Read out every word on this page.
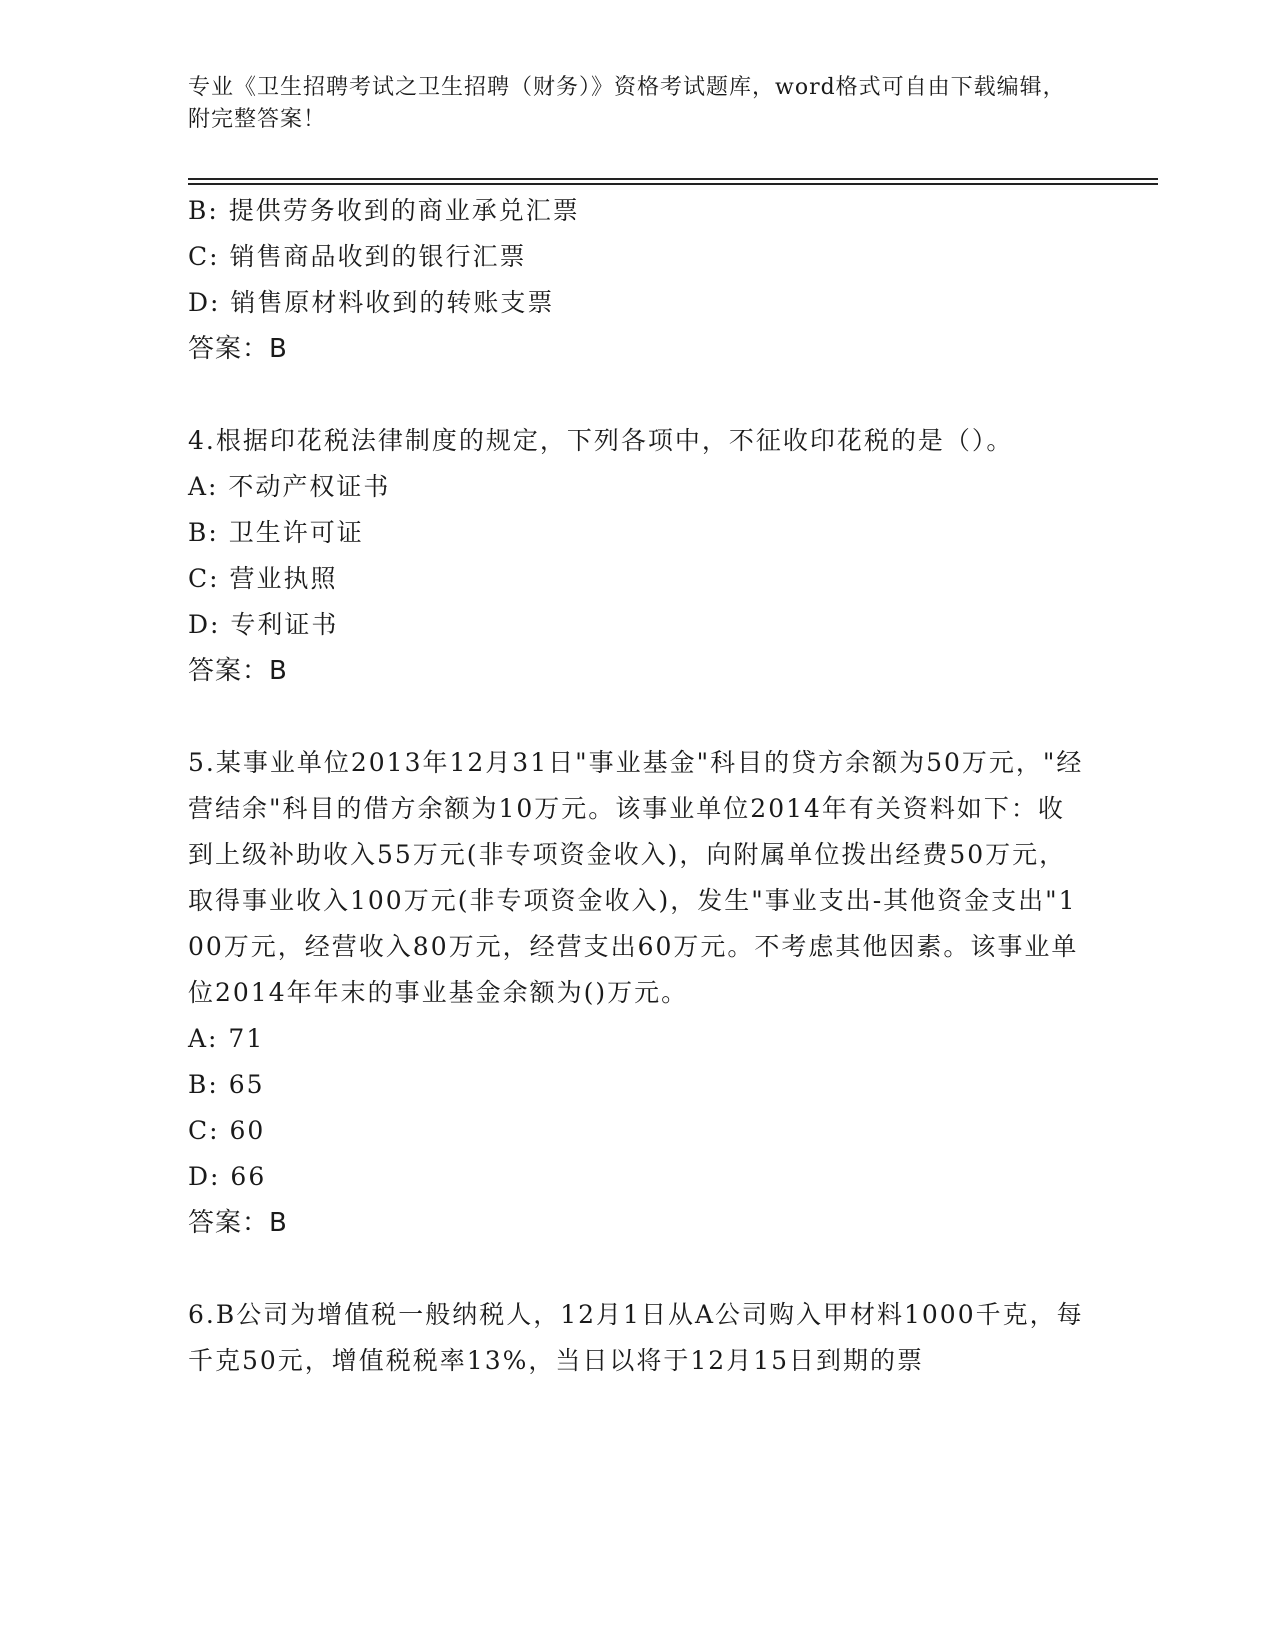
专业《卫生招聘考试之卫生招聘（财务）》资格考试题库，word格式可自由下载编辑，附完整答案！

B: 提供劳务收到的商业承兑汇票

C: 销售商品收到的银行汇票

D: 销售原材料收到的转账支票

答案：B

4.根据印花税法律制度的规定，下列各项中，不征收印花税的是（）。

A: 不动产权证书

B: 卫生许可证

C: 营业执照

D: 专利证书

答案：B

5.某事业单位2013年12月31日"事业基金"科目的贷方余额为50万元，"经营结余"科目的借方余额为10万元。该事业单位2014年有关资料如下：收到上级补助收入55万元(非专项资金收入)，向附属单位拨出经费50万元，取得事业收入100万元(非专项资金收入)，发生"事业支出-其他资金支出"100万元，经营收入80万元，经营支出60万元。不考虑其他因素。该事业单位2014年年末的事业基金余额为()万元。

A: 71

B: 65

C: 60

D: 66

答案：B

6.B公司为增值税一般纳税人，12月1日从A公司购入甲材料1000千克，每千克50元，增值税税率13%，当日以将于12月15日到期的票
